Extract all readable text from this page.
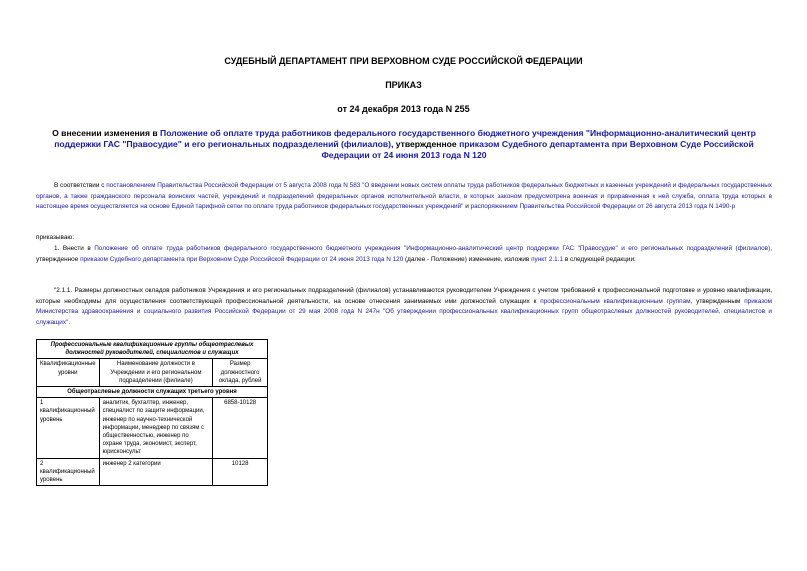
СУДЕБНЫЙ ДЕПАРТАМЕНТ ПРИ ВЕРХОВНОМ СУДЕ РОССИЙСКОЙ ФЕДЕРАЦИИ
ПРИКАЗ
от 24 декабря 2013 года N 255
О внесении изменения в Положение об оплате труда работников федерального государственного бюджетного учреждения "Информационно-аналитический центр поддержки ГАС "Правосудие" и его региональных подразделений (филиалов), утвержденное приказом Судебного департамента при Верховном Суде Российской Федерации от 24 июня 2013 года N 120
В соответствии с постановлением Правительства Российской Федерации от 5 августа 2008 года N 583 "О введении новых систем оплаты труда работников федеральных бюджетных и казенных учреждений и федеральных государственных органов, а также гражданского персонала воинских частей, учреждений и подразделений федеральных органов исполнительной власти, в которых законом предусмотрена военная и приравненная к ней служба, оплата труда которых в настоящее время осуществляется на основе Единой тарифной сетки по оплате труда работников федеральных государственных учреждений" и распоряжением Правительства Российской Федерации от 26 августа 2013 года N 1490-р
приказываю:
1. Внести в Положение об оплате труда работников федерального государственного бюджетного учреждения "Информационно-аналитический центр поддержки ГАС "Правосудие" и его региональных подразделений (филиалов), утвержденное приказом Судебного департамента при Верховном Суде Российской Федерации от 24 июня 2013 года N 120 (далее - Положение) изменение, изложив пункт 2.1.1 в следующей редакции:
"2.1.1. Размеры должностных окладов работников Учреждения и его региональных подразделений (филиалов) устанавливаются руководителем Учреждения с учетом требований к профессиональной подготовке и уровню квалификации, которые необходимы для осуществления соответствующей профессиональной деятельности, на основе отнесения занимаемых ими должностей служащих к профессиональным квалификационным группам, утвержденным приказом Министерства здравоохранения и социального развития Российской Федерации от 29 мая 2008 года N 247н "Об утверждении профессиональных квалификационных групп общеотраслевых должностей руководителей, специалистов и служащих".
Профессиональные квалификационные группы общеотраслевых должностей руководителей, специалистов и служащих		
Квалификационные уровни	Наименование должности в Учреждении и его региональном подразделении (филиале)	Размер должностного оклада, рублей
Общеотраслевые должности служащих третьего уровня		
1 квалификационный уровень	аналитик, бухгалтер, инженер, специалист по защите информации, инженер по научно-технической информации, менеджер по связям с общественностью, инженер по охране труда, экономист, эксперт, юрисконсульт	6858-10128
2 квалификационный уровень	инженер 2 категории	10128
